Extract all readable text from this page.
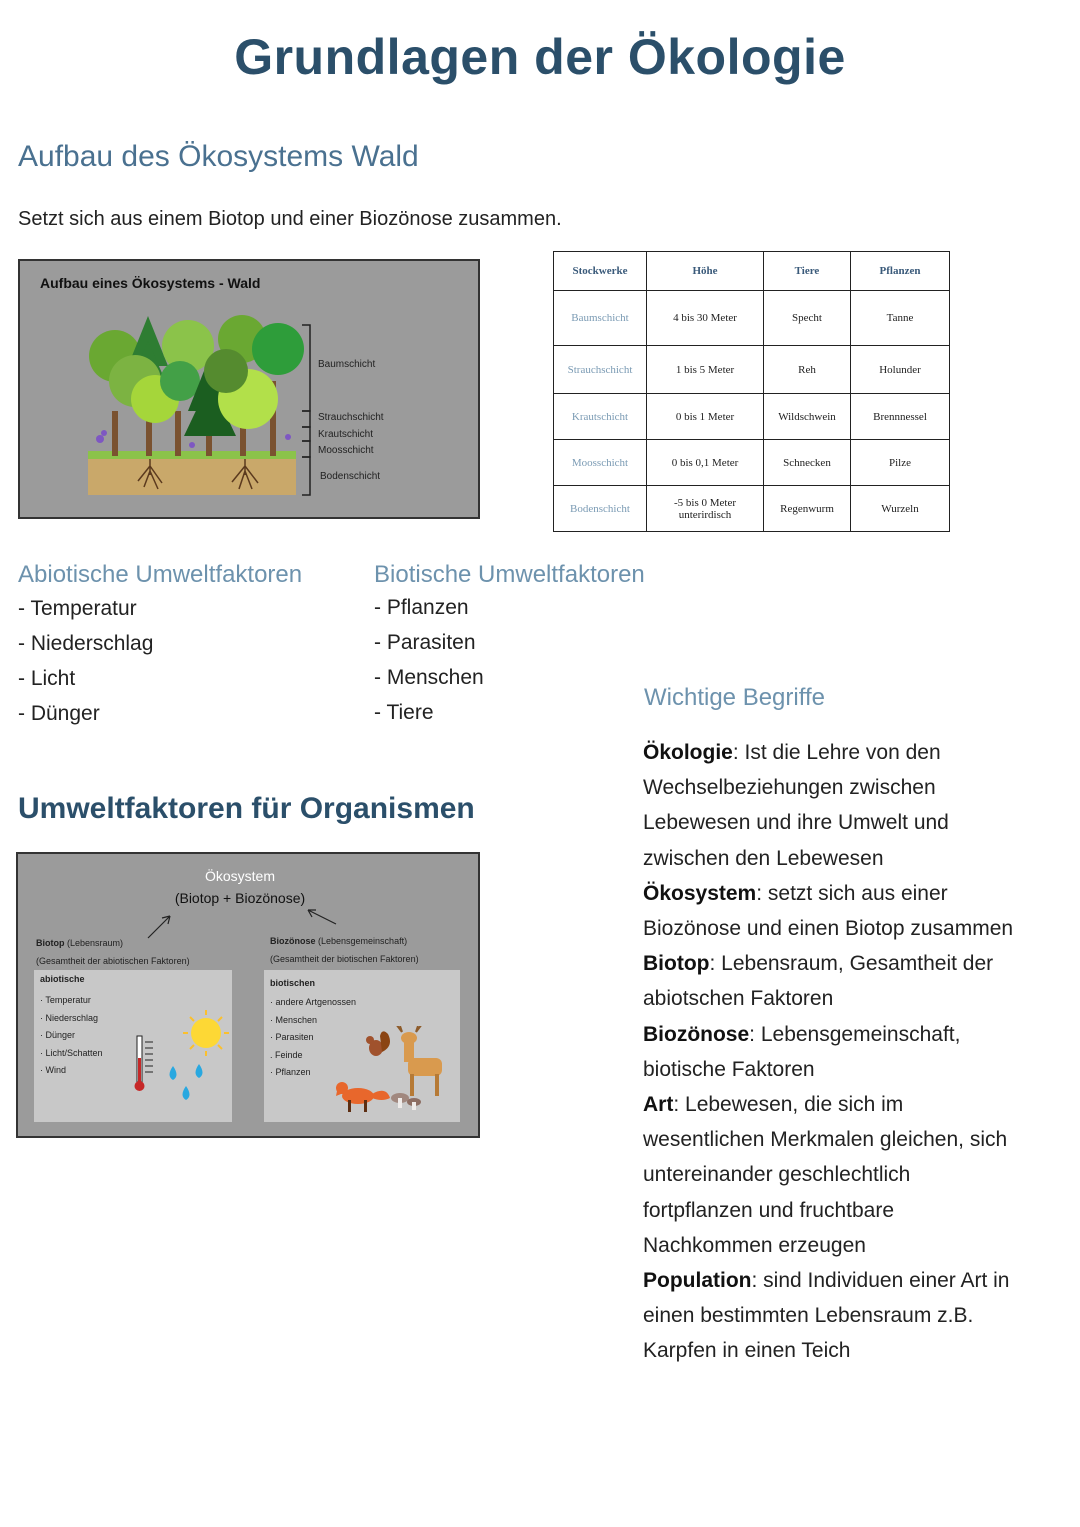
Grundlagen der Ökologie
Aufbau des Ökosystems Wald
Setzt sich aus einem Biotop und einer Biozönose zusammen.
Aufbau eines Ökosystems - Wald
Baumschicht
Strauchschicht
Krautschicht
Moosschicht
Bodenschicht
Stockwerke	Höhe	Tiere	Pflanzen
Baumschicht	4 bis 30 Meter	Specht	Tanne
Strauchschicht	1 bis 5 Meter	Reh	Holunder
Krautschicht	0 bis 1 Meter	Wildschwein	Brennnessel
Moosschicht	0 bis 0,1 Meter	Schnecken	Pilze
Bodenschicht	-5 bis 0 Meter unterirdisch	Regenwurm	Wurzeln
Abiotische Umweltfaktoren
- Temperatur
- Niederschlag
- Licht
- Dünger
Biotische Umweltfaktoren
- Pflanzen
- Parasiten
- Menschen
- Tiere
Umweltfaktoren für Organismen
Ökosystem
(Biotop + Biozönose)
Biotop (Lebensraum)
(Gesamtheit der abiotischen Faktoren)
abiotische
· Temperatur
· Niederschlag
· Dünger
· Licht/Schatten
· Wind
Biozönose (Lebensgemeinschaft)
(Gesamtheit der biotischen Faktoren)
biotischen
· andere Artgenossen
· Menschen
· Parasiten
. Feinde
· Pflanzen
Wichtige Begriffe

Ökologie: Ist die Lehre von den Wechselbeziehungen zwischen Lebewesen und ihre Umwelt und zwischen den Lebewesen

Ökosystem: setzt sich aus einer Biozönose und einen Biotop zusammen

Biotop: Lebensraum, Gesamtheit der abiotschen Faktoren

Biozönose: Lebensgemeinschaft, biotische Faktoren

Art: Lebewesen, die sich im wesentlichen Merkmalen gleichen, sich untereinander geschlechtlich fortpflanzen und fruchtbare Nachkommen erzeugen

Population: sind Individuen einer Art in einen bestimmten Lebensraum z.B. Karpfen in einen Teich
